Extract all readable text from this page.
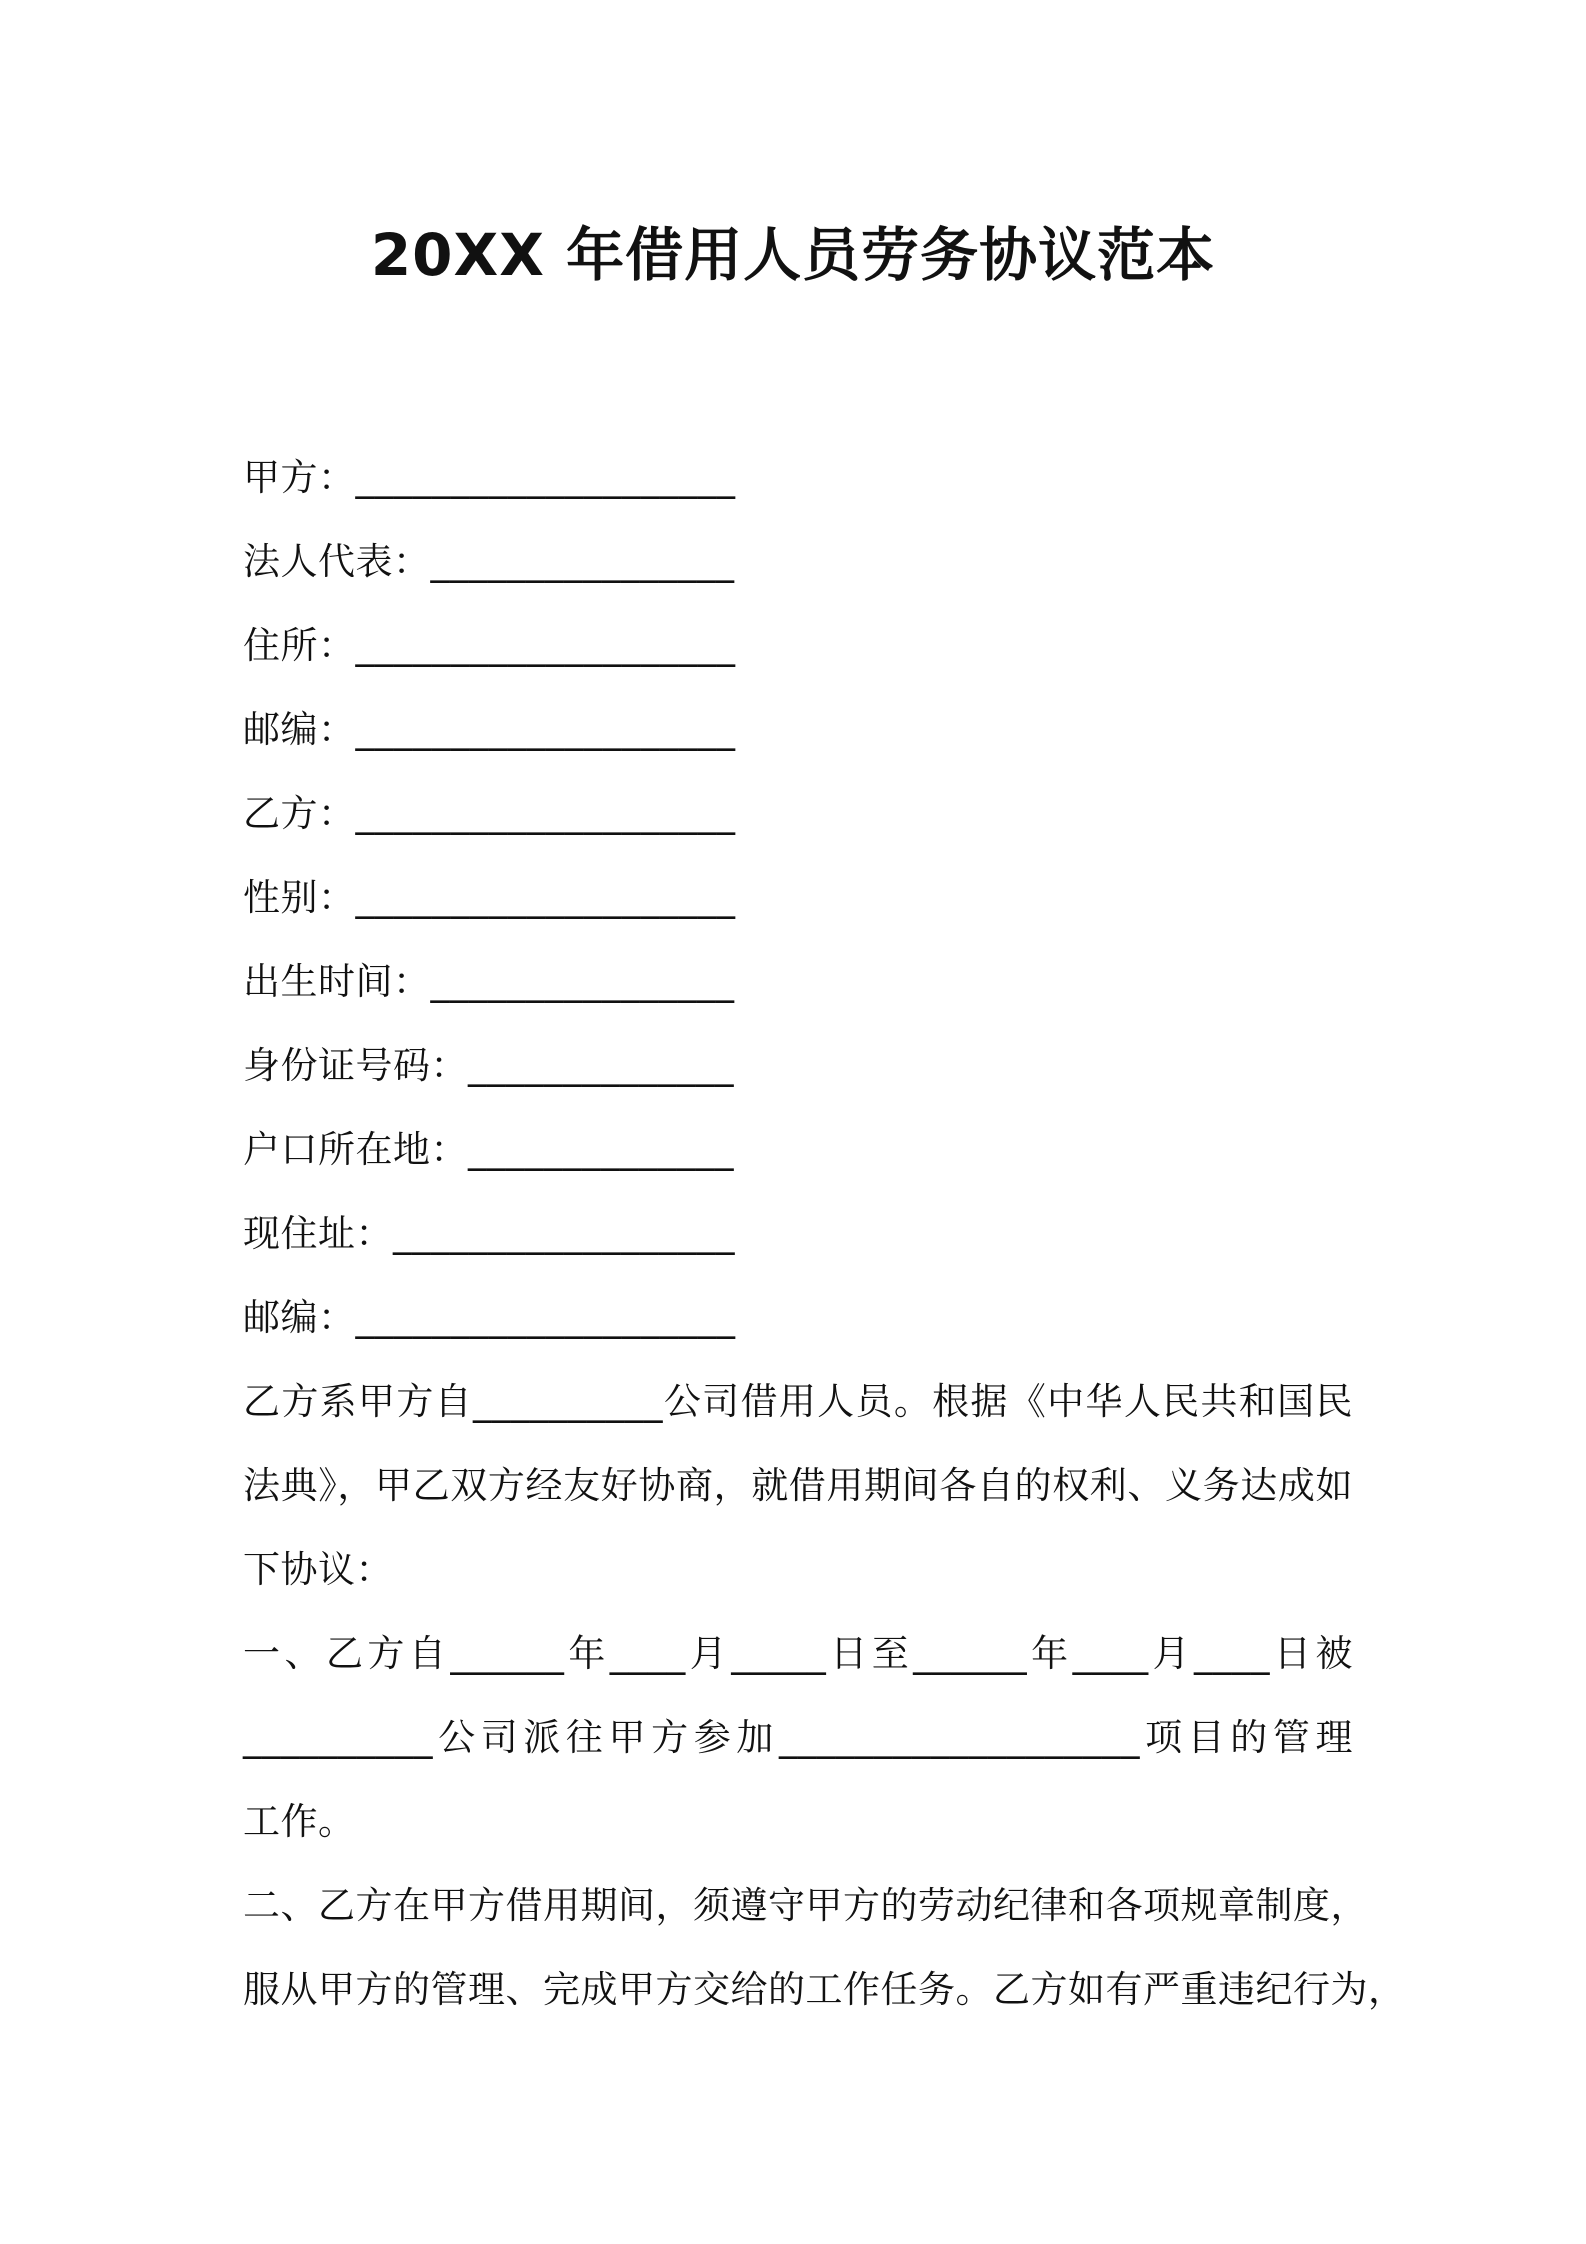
20XX 年借用人员劳务协议范本
甲方：____________________
法人代表：________________
住所：____________________
邮编：____________________
乙方：____________________
性别：____________________
出生时间：________________
身份证号码：______________
户口所在地：______________
现住址：__________________
邮编：____________________
乙方系甲方自__________公司借用人员。根据《中华人民共和国民
法典》，甲乙双方经友好协商，就借用期间各自的权利、义务达成如
下协议：
一、乙方自______年____月_____日至______年____月____日被
__________公司派往甲方参加___________________项目的管理
工作。
二、乙方在甲方借用期间，须遵守甲方的劳动纪律和各项规章制度，
服从甲方的管理、完成甲方交给的工作任务。乙方如有严重违纪行为，
